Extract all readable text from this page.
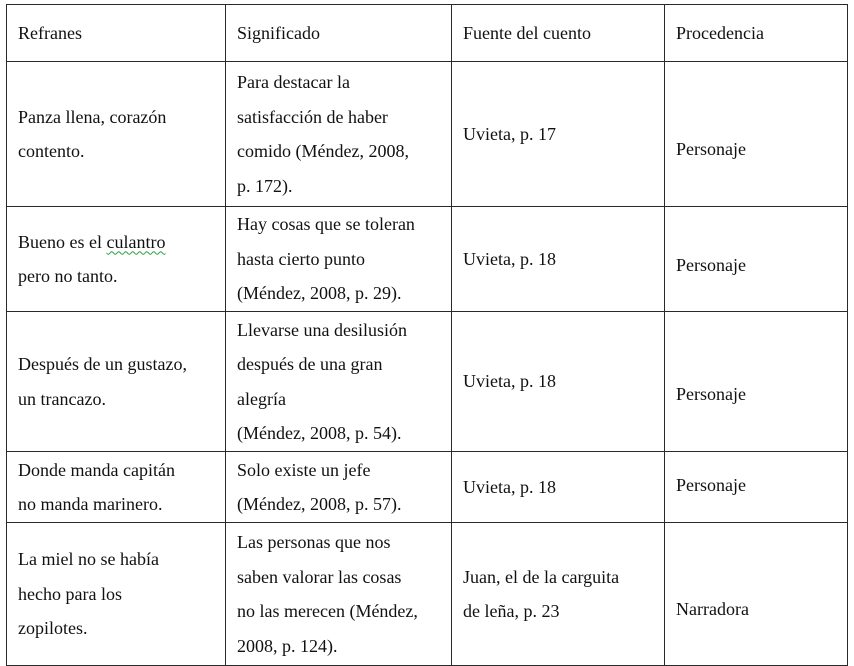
Refranes	Significado	Fuente del cuento	Procedencia

Panza llena, corazón
contento.	Para destacar la
satisfacción de haber
comido (Méndez, 2008,
p. 172).	Uvieta, p. 17	Personaje

Bueno es el culantro
pero no tanto.	Hay cosas que se toleran
hasta cierto punto
(Méndez, 2008, p. 29).	Uvieta, p. 18	Personaje

Después de un gustazo,
un trancazo.	Llevarse una desilusión
después de una gran
alegría
(Méndez, 2008, p. 54).	Uvieta, p. 18	Personaje

Donde manda capitán
no manda marinero.	Solo existe un jefe
(Méndez, 2008, p. 57).	Uvieta, p. 18	Personaje

La miel no se había
hecho para los
zopilotes.	Las personas que nos
saben valorar las cosas
no las merecen (Méndez,
2008, p. 124).	Juan, el de la carguita
de leña, p. 23	Narradora
